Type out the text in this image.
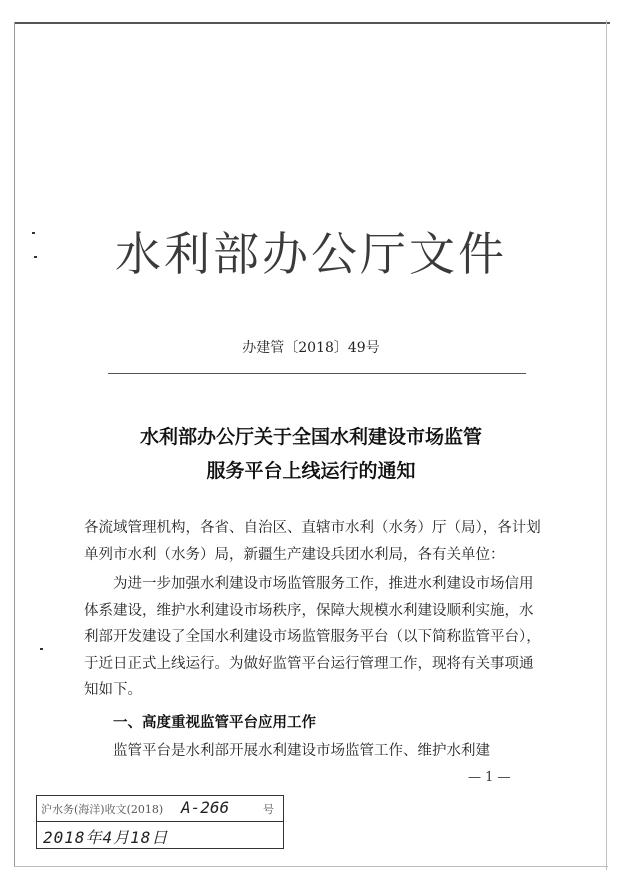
水利部办公厅文件
办建管〔2018〕49号
水利部办公厅关于全国水利建设市场监管
服务平台上线运行的通知
各流域管理机构，各省、自治区、直辖市水利（水务）厅（局），各计划单列市水利（水务）局，新疆生产建设兵团水利局，各有关单位：
为进一步加强水利建设市场监管服务工作，推进水利建设市场信用体系建设，维护水利建设市场秩序，保障大规模水利建设顺利实施，水利部开发建设了全国水利建设市场监管服务平台（以下简称监管平台），于近日正式上线运行。为做好监管平台运行管理工作，现将有关事项通知如下。
一、高度重视监管平台应用工作
监管平台是水利部开展水利建设市场监管工作、维护水利建
— 1 —
沪水务(海洋)收文(2018) A-266	号
2018年4月18日
